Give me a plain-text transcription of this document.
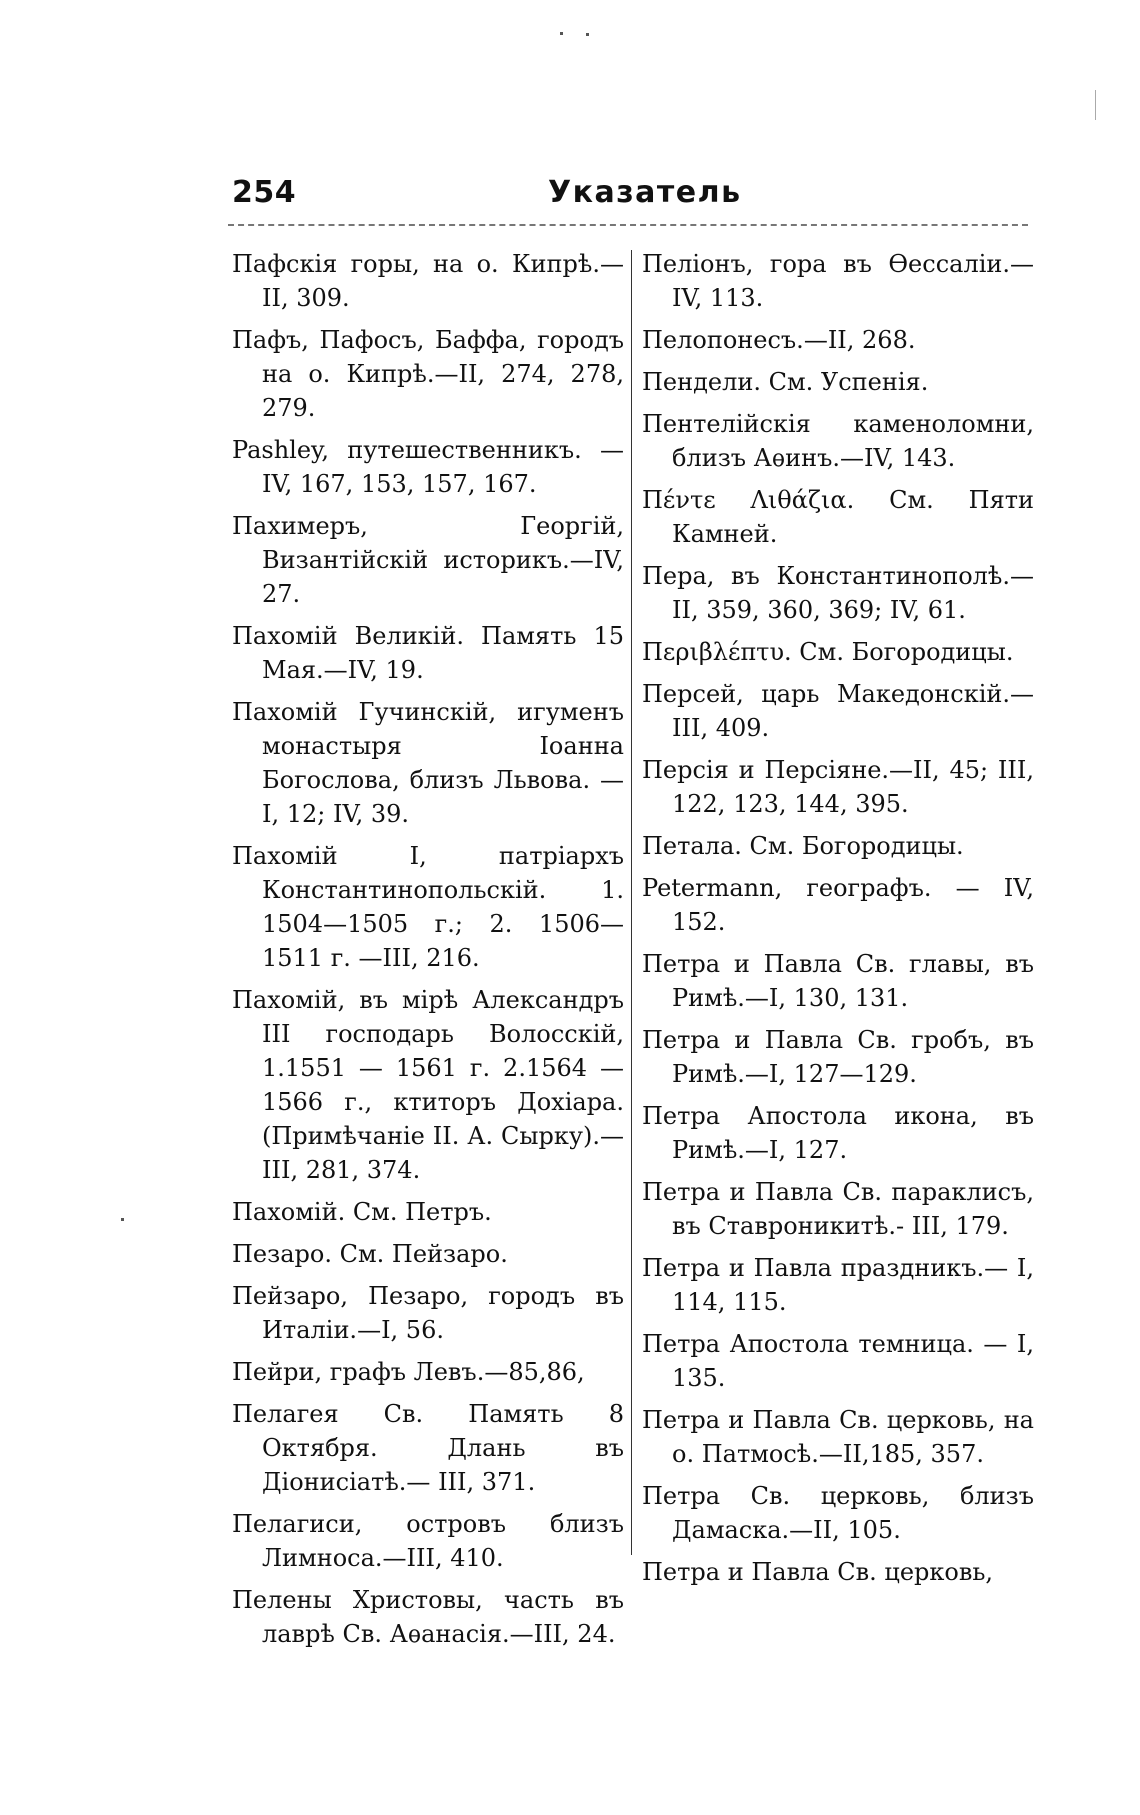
254	Указатель

Пафскія горы, на о. Кипрѣ.— II, 309.

Пафъ, Пафосъ, Баффа, городъ на о. Кипрѣ.—II, 274, 278, 279.

Pashley, путешественникъ. — IV, 167, 153, 157, 167.

Пахимеръ, Георгій, Византійскій историкъ.—IV, 27.

Пахомій Великій. Память 15 Мая.—IV, 19.

Пахомій Гучинскій, игуменъ монастыря Іоанна Богослова, близъ Львова. — I, 12; IV, 39.

Пахомій I, патріархъ Константинопольскій. 1. 1504—1505 г.; 2. 1506—1511 г. —III, 216.

Пахомій, въ мірѣ Александръ III господарь Волосскій, 1.1551 — 1561 г. 2.1564 —1566 г., ктиторъ Дохіара. (Примѣчаніе II. А. Сырку).—III, 281, 374.

Пахомій. См. Петръ.

Пезаро. См. Пейзаро.

Пейзаро, Пезаро, городъ въ Италіи.—I, 56.

Пейри, графъ Левъ.—85,86,

Пелагея Св. Память 8 Октября. Длань въ Діонисіатѣ.— III, 371.

Пелагиси, островъ близъ Лимноса.—III, 410.

Пелены Христовы, часть въ лаврѣ Св. Аѳанасія.—III, 24.

Пеліонъ, гора въ Ѳессаліи.— IV, 113.

Пелопонесъ.—II, 268.

Пендели. См. Успенія.

Пентелійскія каменоломни, близъ Аѳинъ.—IV, 143.

Πέντε Λιθάζια. См. Пяти Камней.

Пера, въ Константинополѣ.— II, 359, 360, 369; IV, 61.

Περιβλέπτυ. См. Богородицы.

Персей, царь Македонскій.— III, 409.

Персія и Персіяне.—II, 45; III, 122, 123, 144, 395.

Петала. См. Богородицы.

Petermann, географъ. — IV, 152.

Петра и Павла Св. главы, въ Римѣ.—I, 130, 131.

Петра и Павла Св. гробъ, въ Римѣ.—I, 127—129.

Петра Апостола икона, въ Римѣ.—I, 127.

Петра и Павла Св. параклисъ, въ Ставроникитѣ.- III, 179.

Петра и Павла праздникъ.— I, 114, 115.

Петра Апостола темница. — I, 135.

Петра и Павла Св. церковь, на о. Патмосѣ.—II,185, 357.

Петра Св. церковь, близъ Дамаска.—II, 105.

Петра и Павла Св. церковь,
